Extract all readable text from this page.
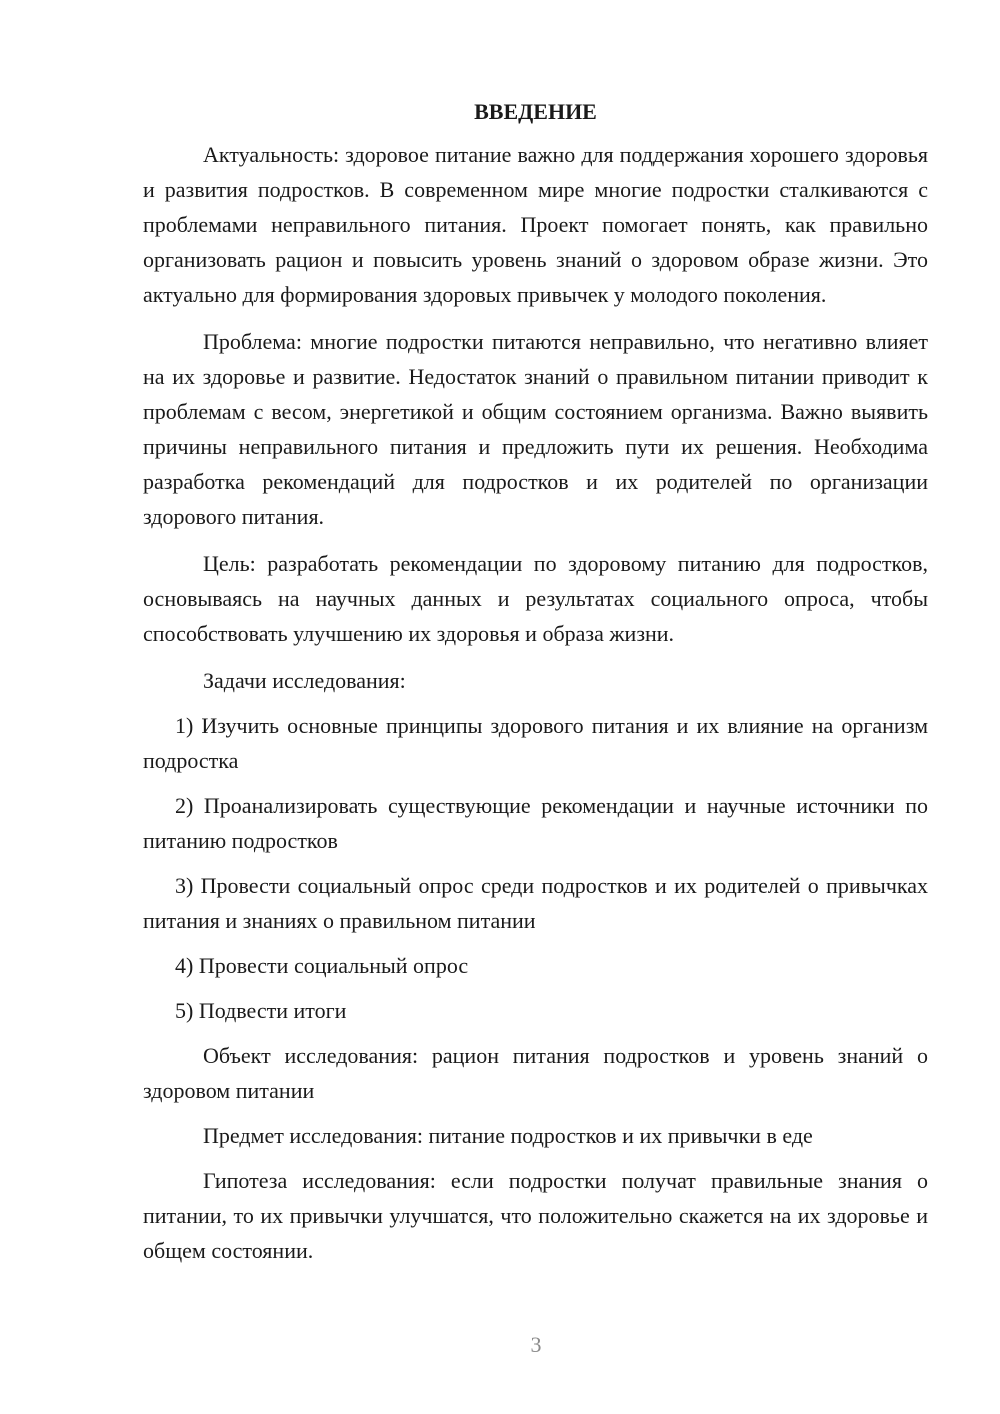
ВВЕДЕНИЕ

Актуальность: здоровое питание важно для поддержания хорошего здоровья и развития подростков. В современном мире многие подростки сталкиваются с проблемами неправильного питания. Проект помогает понять, как правильно организовать рацион и повысить уровень знаний о здоровом образе жизни. Это актуально для формирования здоровых привычек у молодого поколения.

Проблема: многие подростки питаются неправильно, что негативно влияет на их здоровье и развитие. Недостаток знаний о правильном питании приводит к проблемам с весом, энергетикой и общим состоянием организма. Важно выявить причины неправильного питания и предложить пути их решения. Необходима разработка рекомендаций для подростков и их родителей по организации здорового питания.

Цель: разработать рекомендации по здоровому питанию для подростков, основываясь на научных данных и результатах социального опроса, чтобы способствовать улучшению их здоровья и образа жизни.

Задачи исследования:

1) Изучить основные принципы здорового питания и их влияние на организм подростка

2) Проанализировать существующие рекомендации и научные источники по питанию подростков

3) Провести социальный опрос среди подростков и их родителей о привычках питания и знаниях о правильном питании

4) Провести социальный опрос

5) Подвести итоги

Объект исследования: рацион питания подростков и уровень знаний о здоровом питании

Предмет исследования: питание подростков и их привычки в еде

Гипотеза исследования: если подростки получат правильные знания о питании, то их привычки улучшатся, что положительно скажется на их здоровье и общем состоянии.

3
